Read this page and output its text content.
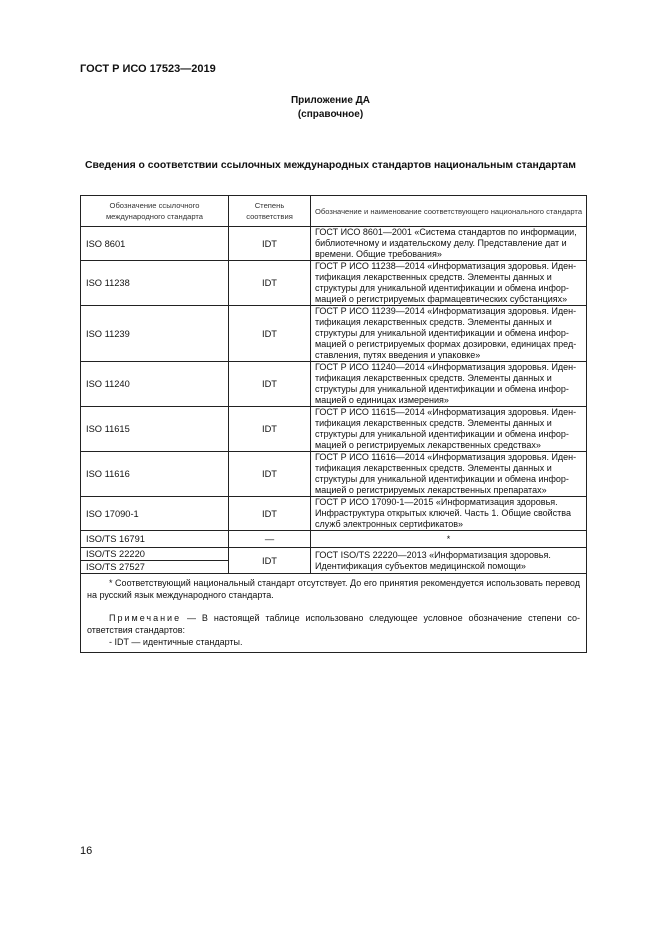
ГОСТ Р ИСО 17523—2019
Приложение ДА
(справочное)
Сведения о соответствии ссылочных международных стандартов национальным стандартам
Обозначение ссылочного международного стандарта	Степень соответствия	Обозначение и наименование соответствующего национального стандарта
ISO 8601	IDT	ГОСТ ИСО 8601—2001 «Система стандартов по информации,
библиотечному и издательскому делу. Представление дат и
времени. Общие требования»

ISO 11238	IDT	ГОСТ Р ИСО 11238—2014 «Информатизация здоровья. Иден-
тификация лекарственных средств. Элементы данных и
структуры для уникальной идентификации и обмена инфор-
мацией о регистрируемых фармацевтических субстанциях»

ISO 11239	IDT	ГОСТ Р ИСО 11239—2014 «Информатизация здоровья. Иден-
тификация лекарственных средств. Элементы данных и
структуры для уникальной идентификации и обмена инфор-
мацией о регистрируемых формах дозировки, единицах пред-
ставления, путях введения и упаковке»

ISO 11240	IDT	ГОСТ Р ИСО 11240—2014 «Информатизация здоровья. Иден-
тификация лекарственных средств. Элементы данных и
структуры для уникальной идентификации и обмена инфор-
мацией о единицах измерения»

ISO 11615	IDT	ГОСТ Р ИСО 11615—2014 «Информатизация здоровья. Иден-
тификация лекарственных средств. Элементы данных и
структуры для уникальной идентификации и обмена инфор-
мацией о регистрируемых лекарственных средствах»

ISO 11616	IDT	ГОСТ Р ИСО 11616—2014 «Информатизация здоровья. Иден-
тификация лекарственных средств. Элементы данных и
структуры для уникальной идентификации и обмена инфор-
мацией о регистрируемых лекарственных препаратах»

ISO 17090-1	IDT	ГОСТ Р ИСО 17090-1—2015 «Информатизация здоровья.
Инфраструктура открытых ключей. Часть 1. Общие свойства
служб электронных сертификатов»

ISO/TS 16791	—	*
ISO/TS 22220	IDT	ГОСТ ISO/TS 22220—2013 «Информатизация здоровья.
Идентификация субъектов медицинской помощи»

ISO/TS 27527		

* Соответствующий национальный стандарт отсутствует. До его принятия рекомендуется использовать перевод на русский язык международного стандарта.

Примечание — В настоящей таблице использовано следующее условное обозначение степени соответствия стандартов:

- IDT — идентичные стандарты.		

16
